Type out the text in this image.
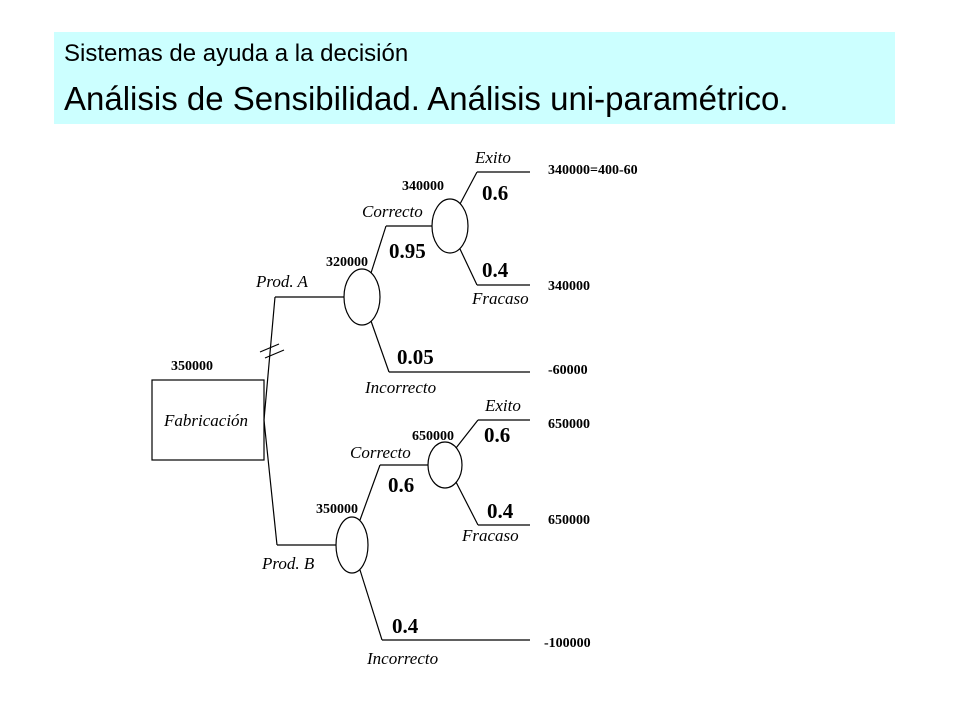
Sistemas de ayuda a la decisión
Análisis de Sensibilidad. Análisis uni-paramétrico.
Fabricación
350000
Prod. A
320000
Correcto
0.95
340000
Exito
0.6
0.4
Fracaso
0.05
Incorrecto
340000=400-60
340000
-60000
Prod. B
350000
Correcto
0.6
650000
Exito
0.6
0.4
Fracaso
0.4
Incorrecto
650000
650000
-100000
